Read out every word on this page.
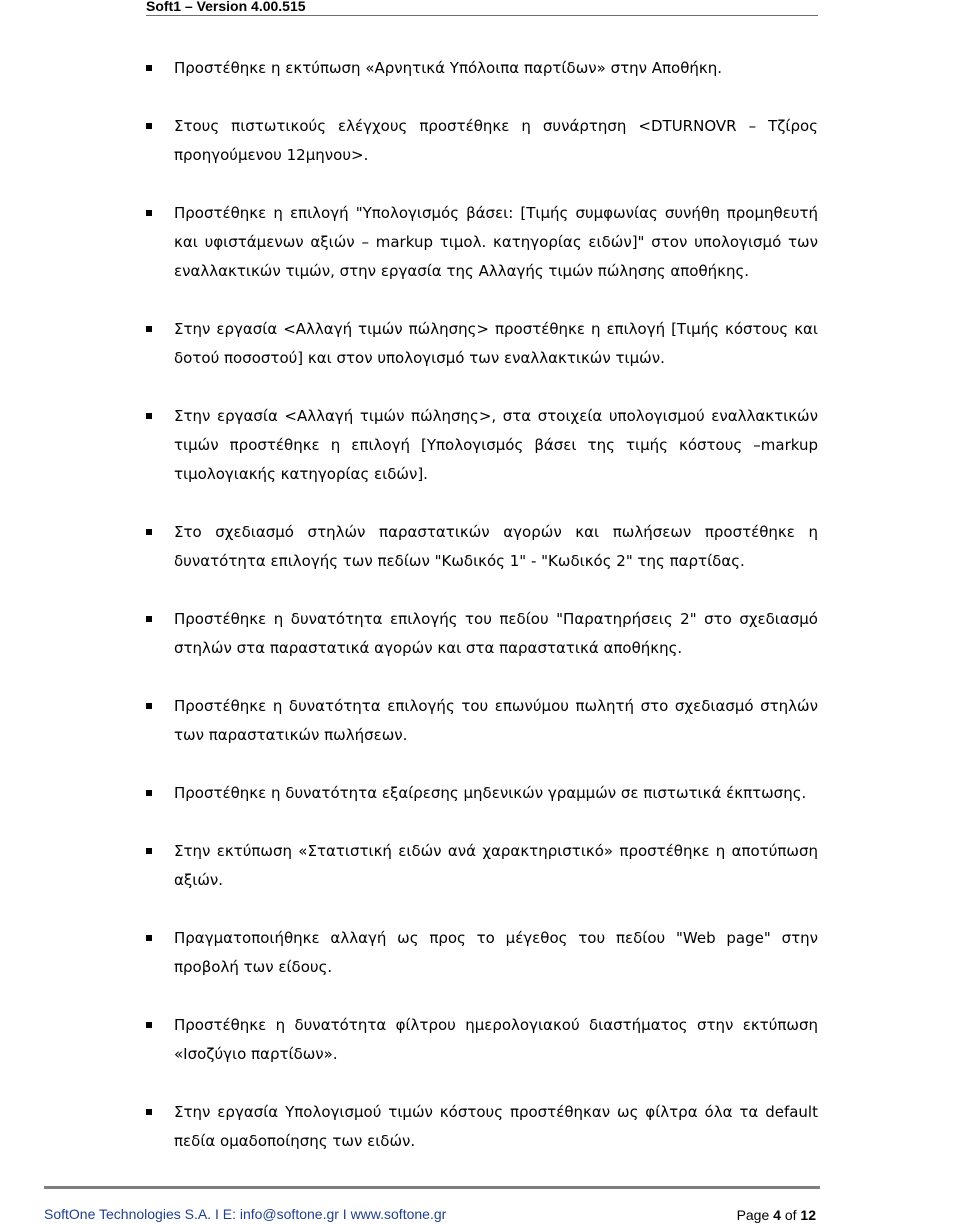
Soft1 – Version 4.00.515

Προστέθηκε η εκτύπωση «Αρνητικά Υπόλοιπα παρτίδων» στην Αποθήκη.

Στους πιστωτικούς ελέγχους προστέθηκε η συνάρτηση <DTURNOVR – Τζίρος προηγούμενου 12μηνου>.

Προστέθηκε η επιλογή "Υπολογισμός βάσει: [Τιμής συμφωνίας συνήθη προμηθευτή και υφιστάμενων αξιών – markup τιμολ. κατηγορίας ειδών]" στον υπολογισμό των εναλλακτικών τιμών, στην εργασία της Αλλαγής τιμών πώλησης αποθήκης.

Στην εργασία <Αλλαγή τιμών πώλησης> προστέθηκε η επιλογή [Τιμής κόστους και δοτού ποσοστού] και στον υπολογισμό των εναλλακτικών τιμών.

Στην εργασία <Αλλαγή τιμών πώλησης>, στα στοιχεία υπολογισμού εναλλακτικών τιμών προστέθηκε η επιλογή [Υπολογισμός βάσει της τιμής κόστους –markup τιμολογιακής κατηγορίας ειδών].

Στο σχεδιασμό στηλών παραστατικών αγορών και πωλήσεων προστέθηκε η δυνατότητα επιλογής των πεδίων "Κωδικός 1" - "Κωδικός 2" της παρτίδας.

Προστέθηκε η δυνατότητα επιλογής του πεδίου "Παρατηρήσεις 2" στο σχεδιασμό στηλών στα παραστατικά αγορών και στα παραστατικά αποθήκης.

Προστέθηκε η δυνατότητα επιλογής του επωνύμου πωλητή στο σχεδιασμό στηλών των παραστατικών πωλήσεων.

Προστέθηκε η δυνατότητα εξαίρεσης μηδενικών γραμμών σε πιστωτικά έκπτωσης.

Στην εκτύπωση «Στατιστική ειδών ανά χαρακτηριστικό» προστέθηκε η αποτύπωση αξιών.

Πραγματοποιήθηκε αλλαγή ως προς το μέγεθος του πεδίου "Web page" στην προβολή των είδους.

Προστέθηκε η δυνατότητα φίλτρου ημερολογιακού διαστήματος στην εκτύπωση «Ισοζύγιο παρτίδων».

Στην εργασία Υπολογισμού τιμών κόστους προστέθηκαν ως φίλτρα όλα τα default πεδία ομαδοποίησης των ειδών.

SoftOne Technologies S.A. I E: info@softone.gr I www.softone.gr	Page 4 of 12
